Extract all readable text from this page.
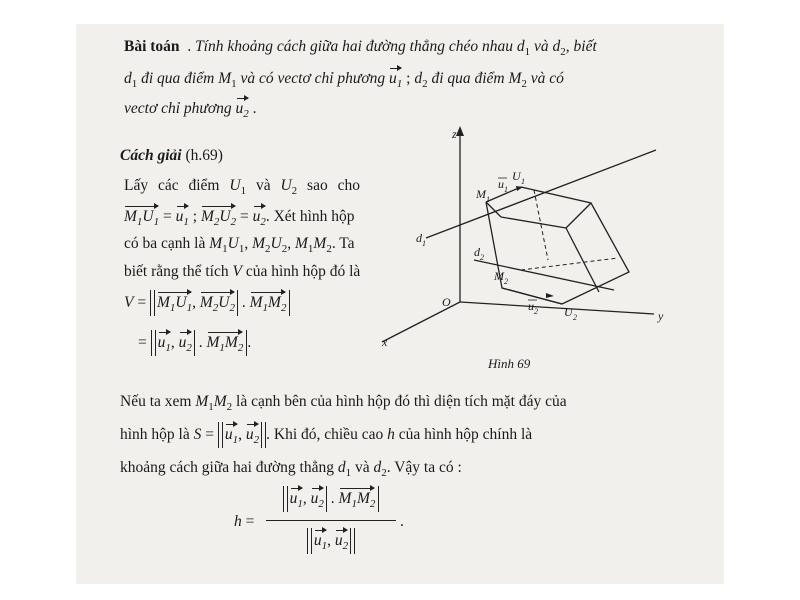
Bài toán  . Tính khoảng cách giữa hai đường thẳng chéo nhau $d_1$ và $d_2$, biết
$d_1$ đi qua điểm $M_1$ và có vectơ chỉ phương $u_1$ ; $d_2$ đi qua điểm $M_2$ và có
vectơ chỉ phương $u_2$ .
Cách giải (h.69)
Lấy các điểm $U_1$ và $U_2$ sao cho
$M_1U_1 = u_1$ ; $M_2U_2 = u_2$. Xét hình hộp
có ba cạnh là $M_1U_1$, $M_2U_2$, $M_1M_2$. Ta
biết rằng thể tích V của hình hộp đó là
$V = M_1U_1$, $M_2U_2$ . $M_1M_2$
= $u_1$, $u_2$ . $M_1M_2$ .
z
y
x
O
d 1
d 2
M 1
M 2
U 1
U 2
u 1
u 2
Hình 69
Nếu ta xem $M_1M_2$ là cạnh bên của hình hộp đó thì diện tích mặt đáy của
hình hộp là $S = u_1$, $u_2$ . Khi đó, chiều cao h của hình hộp chính là
khoảng cách giữa hai đường thẳng $d_1$ và $d_2$. Vậy ta có :
h =
$u_1$, $u_2$ . $M_1M_2$
$u_1$, $u_2$
.
